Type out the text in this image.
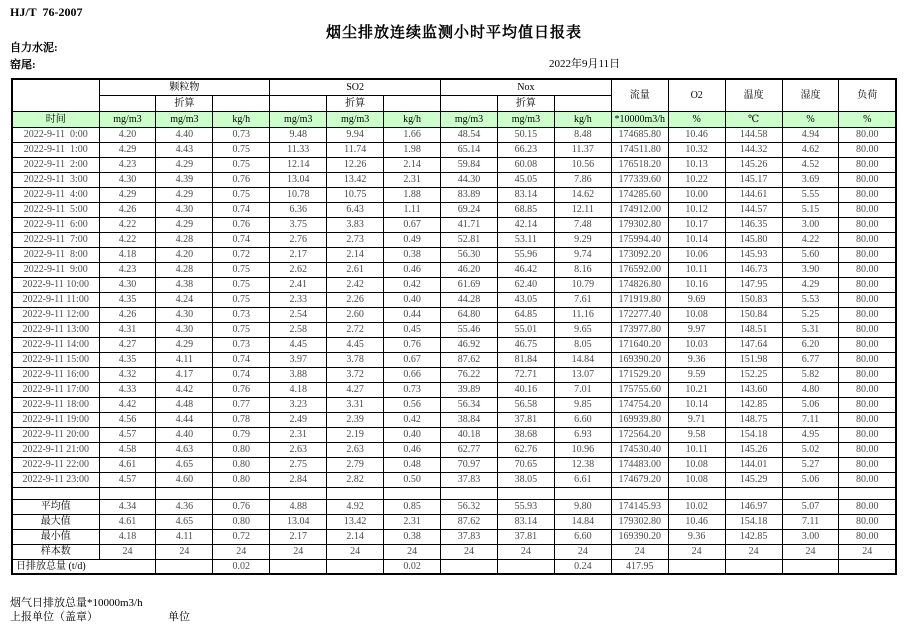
HJ/T  76-2007
烟尘排放连续监测小时平均值日报表
自力水泥:
窑尾:	2022年9月11日
	颗粒物			SO2			Nox			流量	O2	温度	湿度	负荷
		折算			折算			折算						
时间	mg/m3	mg/m3	kg/h	mg/m3	mg/m3	kg/h	mg/m3	mg/m3	kg/h	*10000m3/h	%	℃	%	%
2022-9-11  0:00	4.20	4.40	0.73	9.48	9.94	1.66	48.54	50.15	8.48	174685.80	10.46	144.58	4.94	80.00
2022-9-11  1:00	4.29	4.43	0.75	11.33	11.74	1.98	65.14	66.23	11.37	174511.80	10.32	144.32	4.62	80.00
2022-9-11  2:00	4.23	4.29	0.75	12.14	12.26	2.14	59.84	60.08	10.56	176518.20	10.13	145.26	4.52	80.00
2022-9-11  3:00	4.30	4.39	0.76	13.04	13.42	2.31	44.30	45.05	7.86	177339.60	10.22	145.17	3.69	80.00
2022-9-11  4:00	4.29	4.29	0.75	10.78	10.75	1.88	83.89	83.14	14.62	174285.60	10.00	144.61	5.55	80.00
2022-9-11  5:00	4.26	4.30	0.74	6.36	6.43	1.11	69.24	68.85	12.11	174912.00	10.12	144.57	5.15	80.00
2022-9-11  6:00	4.22	4.29	0.76	3.75	3.83	0.67	41.71	42.14	7.48	179302.80	10.17	146.35	3.00	80.00
2022-9-11  7:00	4.22	4.28	0.74	2.76	2.73	0.49	52.81	53.11	9.29	175994.40	10.14	145.80	4.22	80.00
2022-9-11  8:00	4.18	4.20	0.72	2.17	2.14	0.38	56.30	55.96	9.74	173092.20	10.06	145.93	5.60	80.00
2022-9-11  9:00	4.23	4.28	0.75	2.62	2.61	0.46	46.20	46.42	8.16	176592.00	10.11	146.73	3.90	80.00
2022-9-11 10:00	4.30	4.38	0.75	2.41	2.42	0.42	61.69	62.40	10.79	174826.80	10.16	147.95	4.29	80.00
2022-9-11 11:00	4.35	4.24	0.75	2.33	2.26	0.40	44.28	43.05	7.61	171919.80	9.69	150.83	5.53	80.00
2022-9-11 12:00	4.26	4.30	0.73	2.54	2.60	0.44	64.80	64.85	11.16	172277.40	10.08	150.84	5.25	80.00
2022-9-11 13:00	4.31	4.30	0.75	2.58	2.72	0.45	55.46	55.01	9.65	173977.80	9.97	148.51	5.31	80.00
2022-9-11 14:00	4.27	4.29	0.73	4.45	4.45	0.76	46.92	46.75	8.05	171640.20	10.03	147.64	6.20	80.00
2022-9-11 15:00	4.35	4.11	0.74	3.97	3.78	0.67	87.62	81.84	14.84	169390.20	9.36	151.98	6.77	80.00
2022-9-11 16:00	4.32	4.17	0.74	3.88	3.72	0.66	76.22	72.71	13.07	171529.20	9.59	152.25	5.82	80.00
2022-9-11 17:00	4.33	4.42	0.76	4.18	4.27	0.73	39.89	40.16	7.01	175755.60	10.21	143.60	4.80	80.00
2022-9-11 18:00	4.42	4.48	0.77	3.23	3.31	0.56	56.34	56.58	9.85	174754.20	10.14	142.85	5.06	80.00
2022-9-11 19:00	4.56	4.44	0.78	2.49	2.39	0.42	38.84	37.81	6.60	169939.80	9.71	148.75	7.11	80.00
2022-9-11 20:00	4.57	4.40	0.79	2.31	2.19	0.40	40.18	38.68	6.93	172564.20	9.58	154.18	4.95	80.00
2022-9-11 21:00	4.58	4.63	0.80	2.63	2.63	0.46	62.77	62.76	10.96	174530.40	10.11	145.26	5.02	80.00
2022-9-11 22:00	4.61	4.65	0.80	2.75	2.79	0.48	70.97	70.65	12.38	174483.00	10.08	144.01	5.27	80.00
2022-9-11 23:00	4.57	4.60	0.80	2.84	2.82	0.50	37.83	38.05	6.61	174679.20	10.08	145.29	5.06	80.00

平均值	4.34	4.36	0.76	4.88	4.92	0.85	56.32	55.93	9.80	174145.93	10.02	146.97	5.07	80.00
最大值	4.61	4.65	0.80	13.04	13.42	2.31	87.62	83.14	14.84	179302.80	10.46	154.18	7.11	80.00
最小值	4.18	4.11	0.72	2.17	2.14	0.38	37.83	37.81	6.60	169390.20	9.36	142.85	3.00	80.00
样本数	24	24	24	24	24	24	24	24	24	24	24	24	24	24
日排放总量 (t/d)			0.02			0.02			0.24	417.95				
烟气日排放总量*10000m3/h
上报单位（盖章）	单位
